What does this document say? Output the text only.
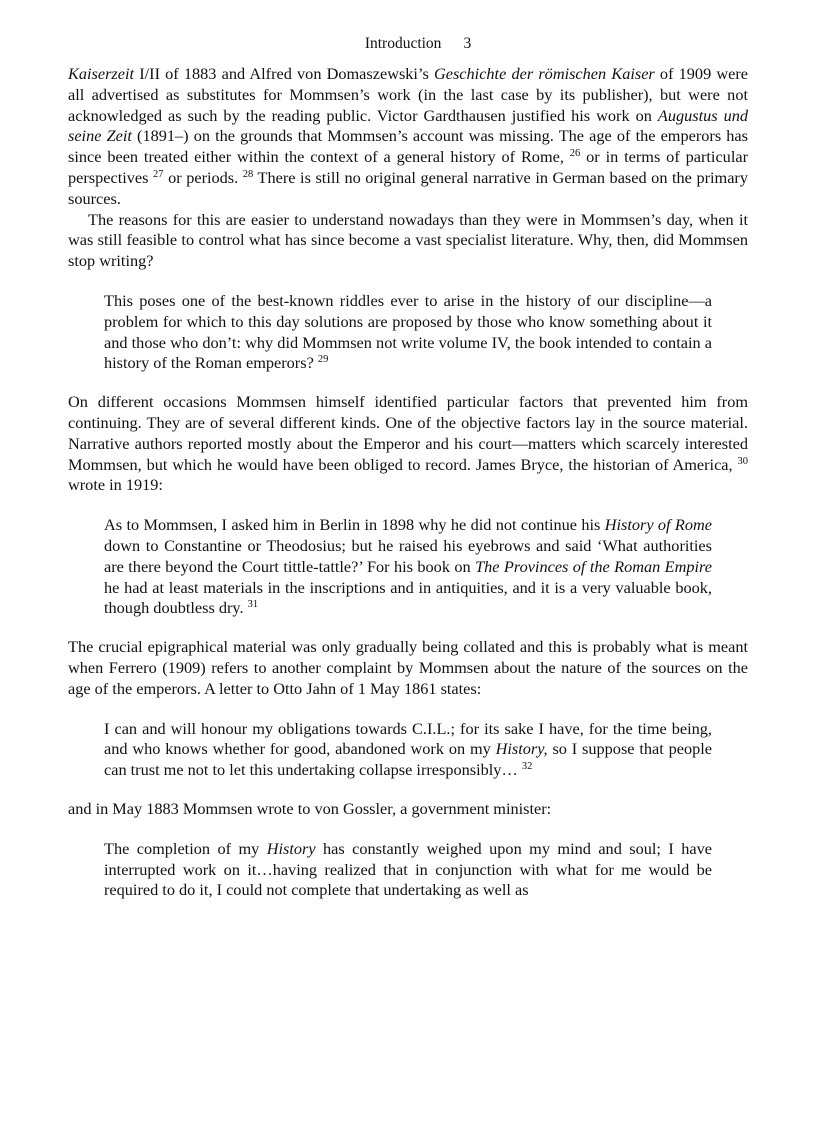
Introduction 3

Kaiserzeit I/II of 1883 and Alfred von Domaszewski’s Geschichte der römischen Kaiser of 1909 were all advertised as substitutes for Mommsen’s work (in the last case by its publisher), but were not acknowledged as such by the reading public. Victor Gardthausen justified his work on Augustus und seine Zeit (1891–) on the grounds that Mommsen’s account was missing. The age of the emperors has since been treated either within the context of a general history of Rome, $^{26}$ or in terms of particular perspectives $^{27}$ or periods. $^{28}$ There is still no original general narrative in German based on the primary sources.

The reasons for this are easier to understand nowadays than they were in Mommsen’s day, when it was still feasible to control what has since become a vast specialist literature. Why, then, did Mommsen stop writing?

This poses one of the best-known riddles ever to arise in the history of our discipline—a problem for which to this day solutions are proposed by those who know something about it and those who don’t: why did Mommsen not write volume IV, the book intended to contain a history of the Roman emperors? $^{29}$

On different occasions Mommsen himself identified particular factors that prevented him from continuing. They are of several different kinds. One of the objective factors lay in the source material. Narrative authors reported mostly about the Emperor and his court—matters which scarcely interested Mommsen, but which he would have been obliged to record. James Bryce, the historian of America, $^{30}$ wrote in 1919:

As to Mommsen, I asked him in Berlin in 1898 why he did not continue his History of Rome down to Constantine or Theodosius; but he raised his eyebrows and said ‘What authorities are there beyond the Court tittle-tattle?’ For his book on The Provinces of the Roman Empire he had at least materials in the inscriptions and in antiquities, and it is a very valuable book, though doubtless dry. $^{31}$

The crucial epigraphical material was only gradually being collated and this is probably what is meant when Ferrero (1909) refers to another complaint by Mommsen about the nature of the sources on the age of the emperors. A letter to Otto Jahn of 1 May 1861 states:

I can and will honour my obligations towards C.I.L.; for its sake I have, for the time being, and who knows whether for good, abandoned work on my History, so I suppose that people can trust me not to let this undertaking collapse irresponsibly… $^{32}$

and in May 1883 Mommsen wrote to von Gossler, a government minister:

The completion of my History has constantly weighed upon my mind and soul; I have interrupted work on it…having realized that in conjunction with what for me would be required to do it, I could not complete that undertaking as well as
